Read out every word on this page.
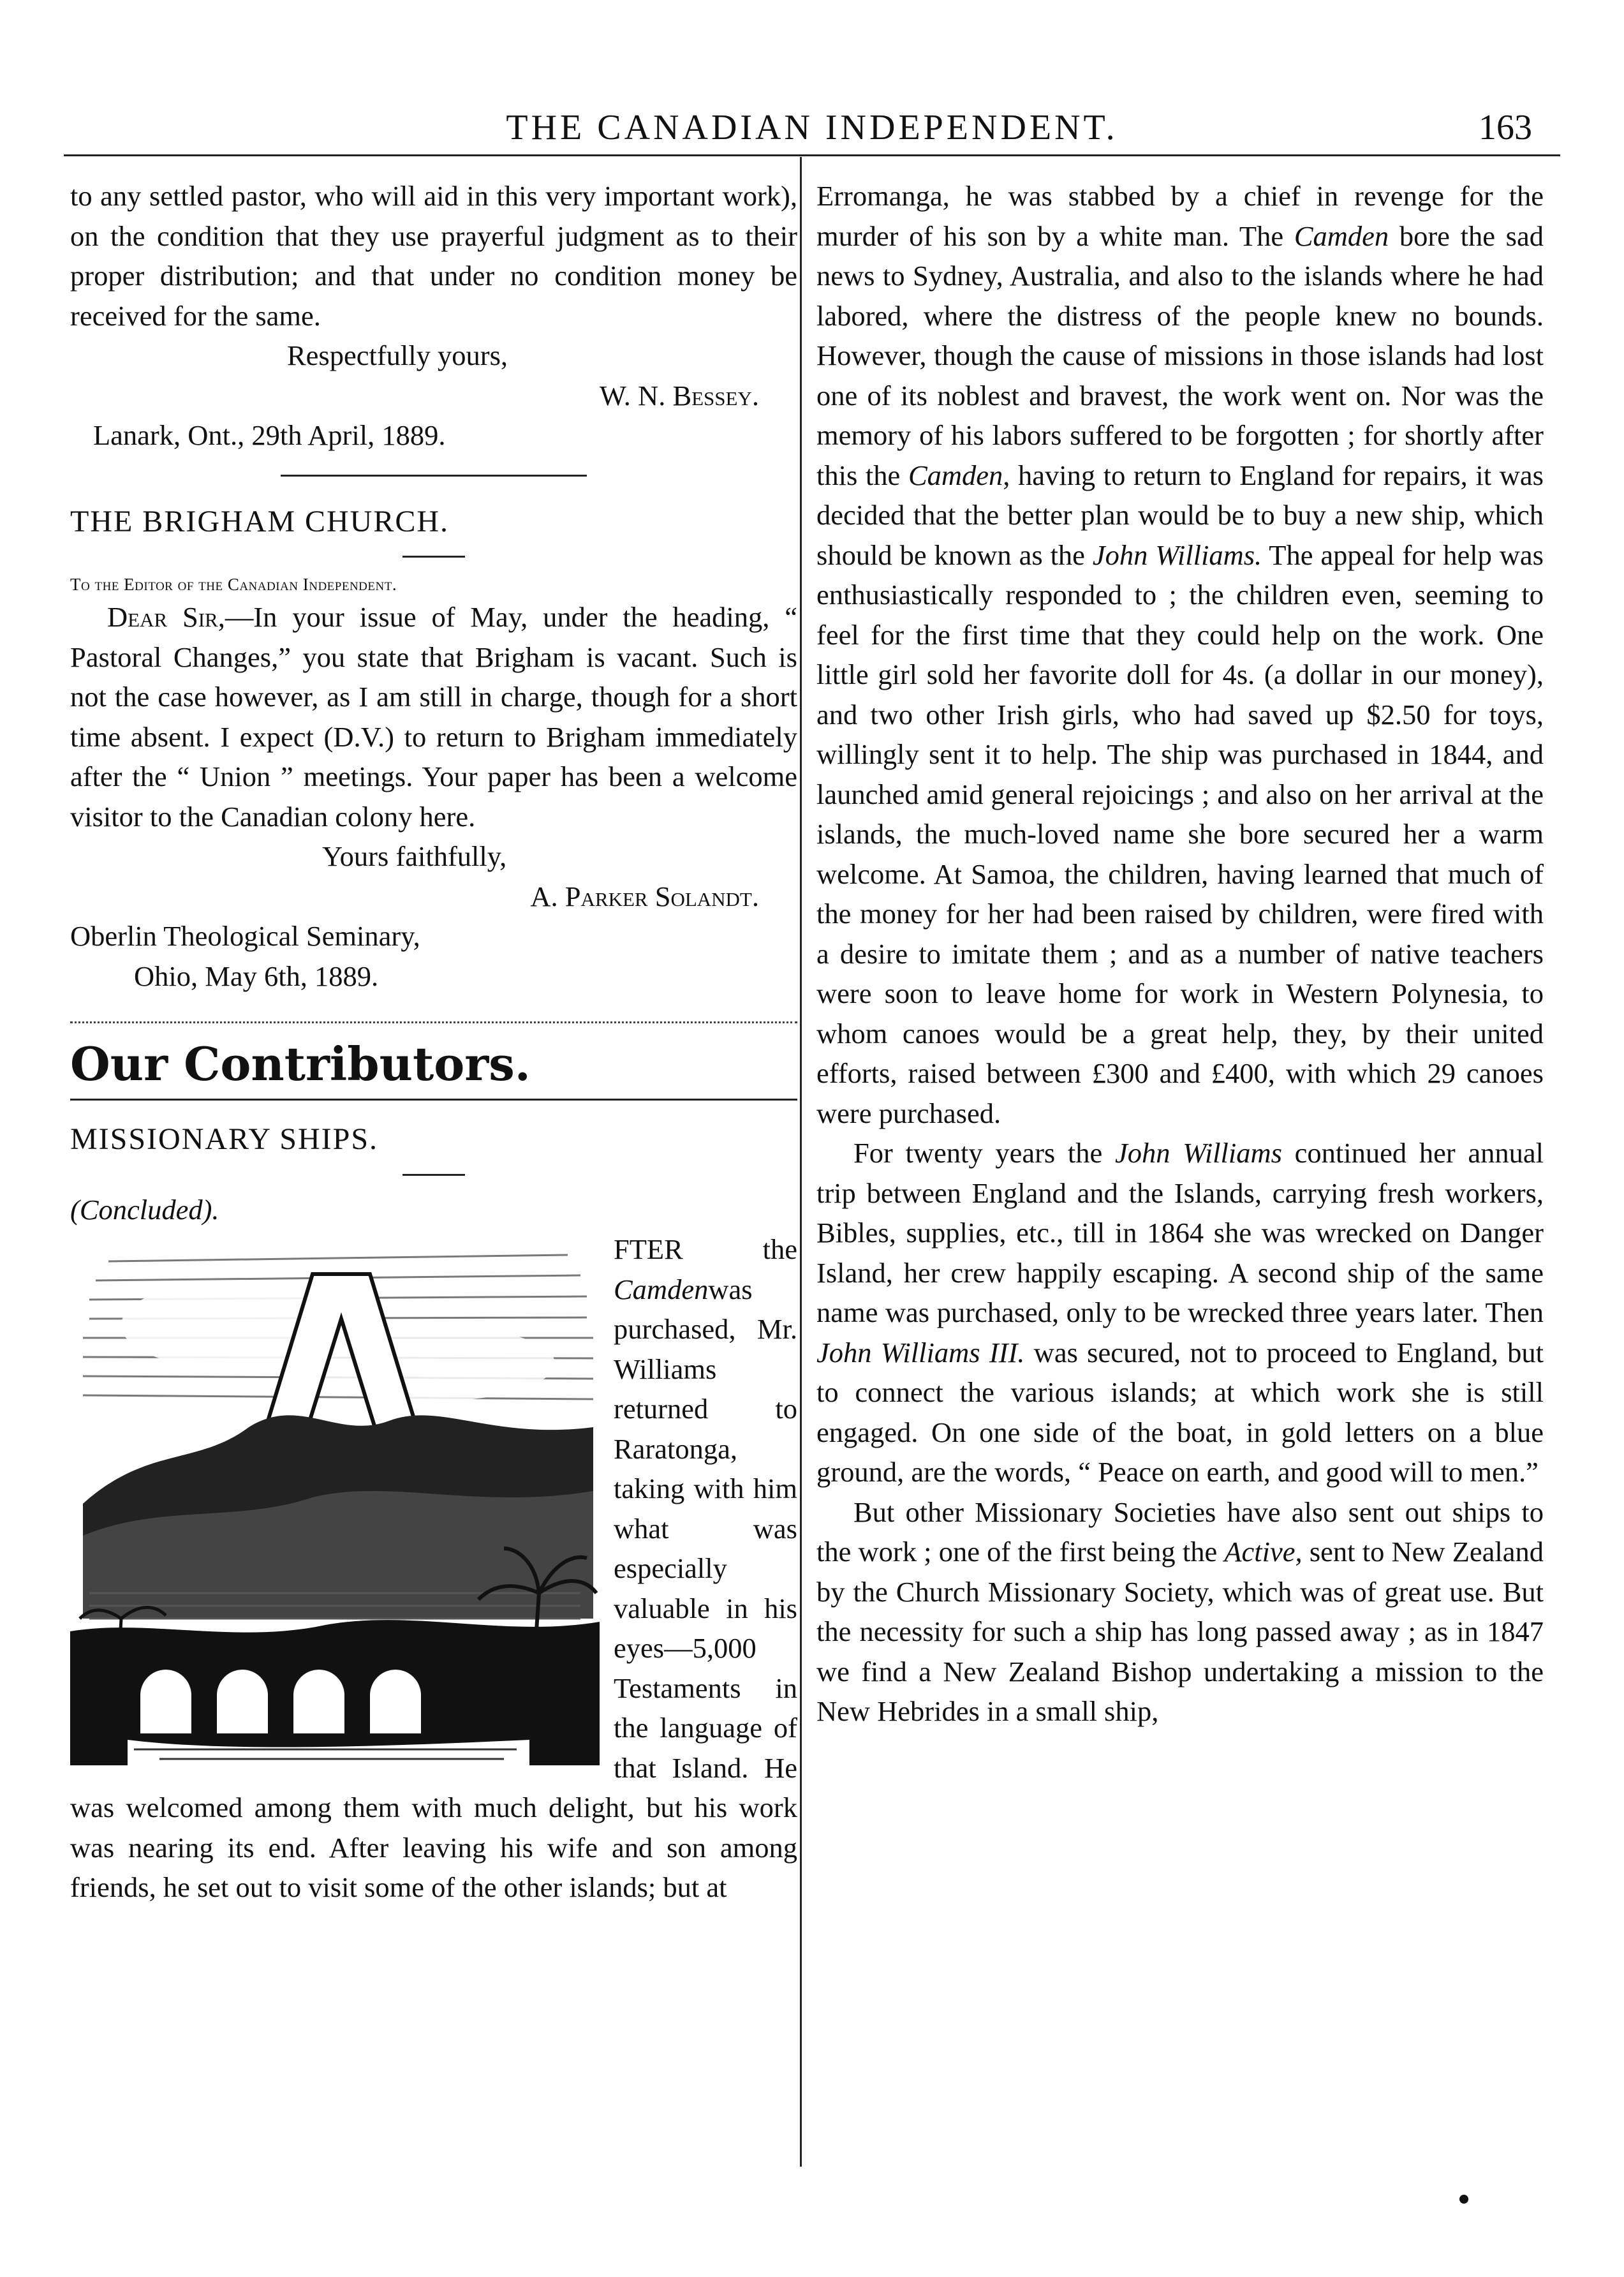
THE CANADIAN INDEPENDENT.	163

to any settled pastor, who will aid in this very important work), on the condition that they use prayerful judgment as to their proper distribution; and that under no condition money be received for the same.

Respectfully yours,

W. N. Bessey.

Lanark, Ont., 29th April, 1889.

THE BRIGHAM CHURCH.

To the Editor of the Canadian Independent.

Dear Sir,—In your issue of May, under the heading, “ Pastoral Changes,” you state that Brigham is vacant. Such is not the case however, as I am still in charge, though for a short time absent. I expect (D.V.) to return to Brigham immediately after the “ Union ” meetings. Your paper has been a welcome visitor to the Canadian colony here.

Yours faithfully,

A. Parker Solandt.

Oberlin Theological Seminary,

Ohio, May 6th, 1889.

Our Contributors.

MISSIONARY SHIPS.

(Concluded).

FTER the Camdenwas purchased, Mr. Williams returned to Raratonga, taking with him what was especially valuable in his eyes—5,000 Testaments in the language of that Island. He was welcomed among them with much delight, but his work was nearing its end. After leaving his wife and son among friends, he set out to visit some of the other islands; but at

Erromanga, he was stabbed by a chief in revenge for the murder of his son by a white man. The Camden bore the sad news to Sydney, Australia, and also to the islands where he had labored, where the distress of the people knew no bounds. However, though the cause of missions in those islands had lost one of its noblest and bravest, the work went on. Nor was the memory of his labors suffered to be forgotten ; for shortly after this the Camden, having to return to England for repairs, it was decided that the better plan would be to buy a new ship, which should be known as the John Williams. The appeal for help was enthusiastically responded to ; the children even, seeming to feel for the first time that they could help on the work. One little girl sold her favorite doll for 4s. (a dollar in our money), and two other Irish girls, who had saved up $2.50 for toys, willingly sent it to help. The ship was purchased in 1844, and launched amid general rejoicings ; and also on her arrival at the islands, the much-loved name she bore secured her a warm welcome. At Samoa, the children, having learned that much of the money for her had been raised by children, were fired with a desire to imitate them ; and as a number of native teachers were soon to leave home for work in Western Polynesia, to whom canoes would be a great help, they, by their united efforts, raised between £300 and £400, with which 29 canoes were purchased.

For twenty years the John Williams continued her annual trip between England and the Islands, carrying fresh workers, Bibles, supplies, etc., till in 1864 she was wrecked on Danger Island, her crew happily escaping. A second ship of the same name was purchased, only to be wrecked three years later. Then John Williams III. was secured, not to proceed to England, but to connect the various islands; at which work she is still engaged. On one side of the boat, in gold letters on a blue ground, are the words, “ Peace on earth, and good will to men.”

But other Missionary Societies have also sent out ships to the work ; one of the first being the Active, sent to New Zealand by the Church Missionary Society, which was of great use. But the necessity for such a ship has long passed away ; as in 1847 we find a New Zealand Bishop undertaking a mission to the New Hebrides in a small ship,
